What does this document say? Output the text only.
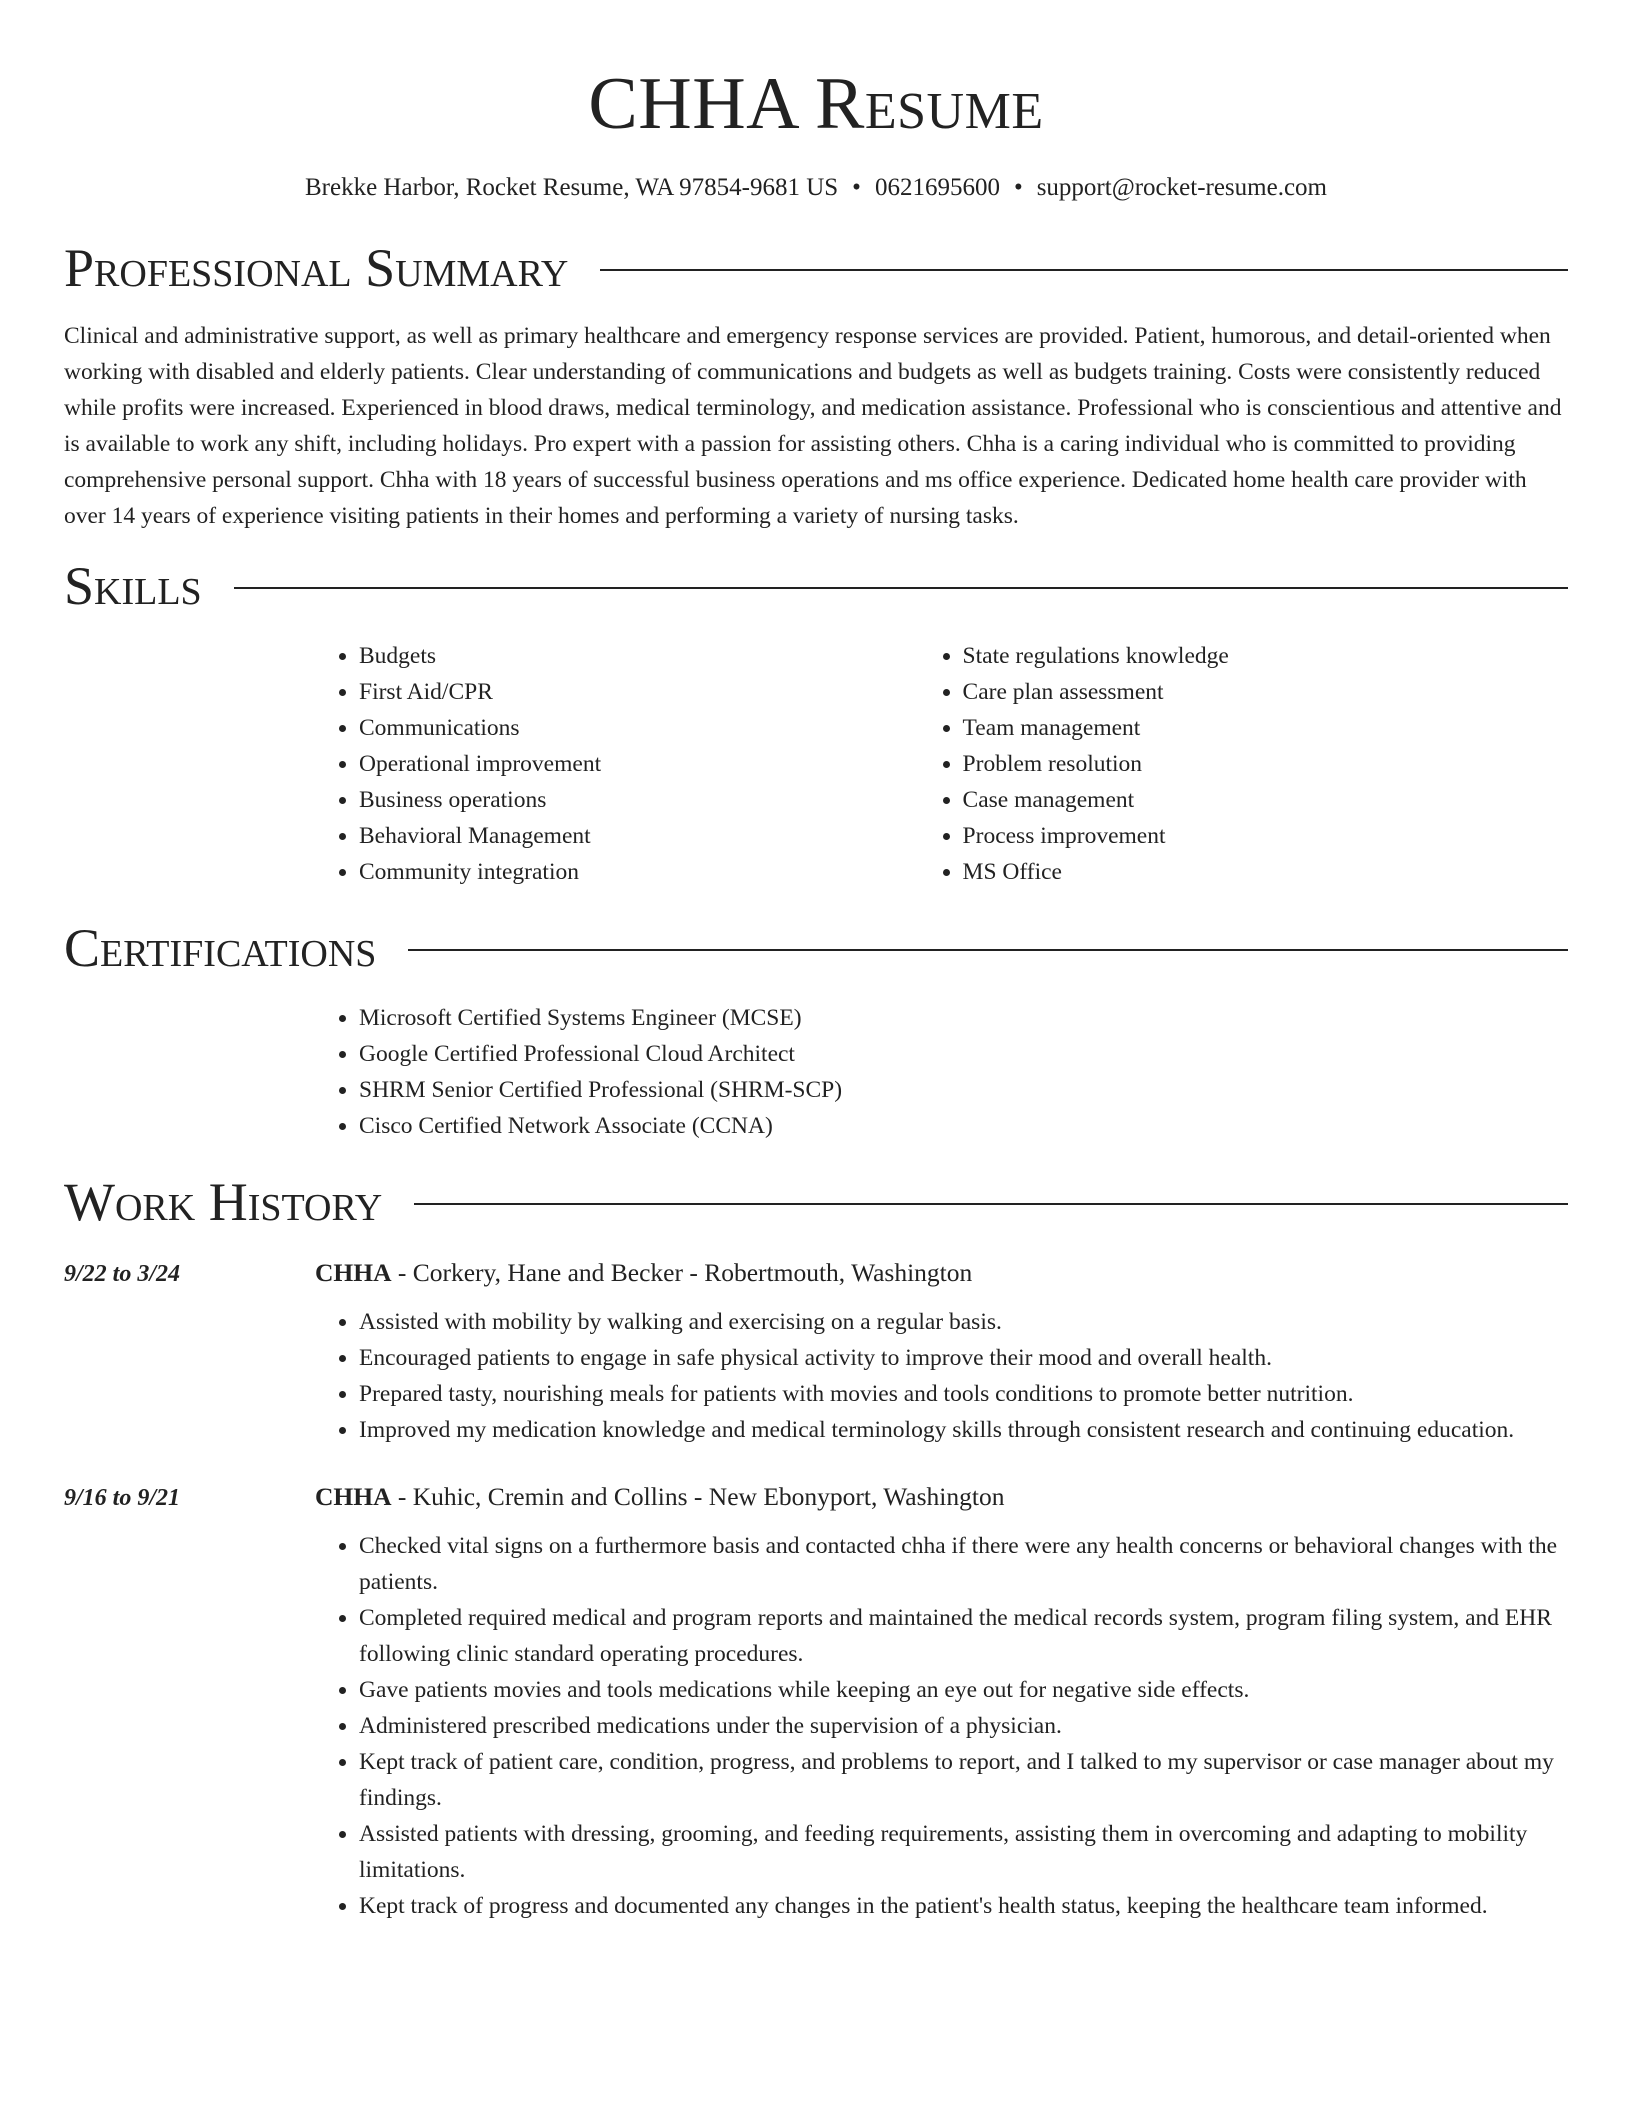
CHHA Resume
Brekke Harbor, Rocket Resume, WA 97854-9681 US • 0621695600 • support@rocket-resume.com
Professional Summary

Clinical and administrative support, as well as primary healthcare and emergency response services are provided. Patient, humorous, and detail-oriented when working with disabled and elderly patients. Clear understanding of communications and budgets as well as budgets training. Costs were consistently reduced while profits were increased. Experienced in blood draws, medical terminology, and medication assistance. Professional who is conscientious and attentive and is available to work any shift, including holidays. Pro expert with a passion for assisting others. Chha is a caring individual who is committed to providing comprehensive personal support. Chha with 18 years of successful business operations and ms office experience. Dedicated home health care provider with over 14 years of experience visiting patients in their homes and performing a variety of nursing tasks.

Skills
• Budgets
• First Aid/CPR
• Communications
• Operational improvement
• Business operations
• Behavioral Management
• Community integration
• State regulations knowledge
• Care plan assessment
• Team management
• Problem resolution
• Case management
• Process improvement
• MS Office
Certifications
• Microsoft Certified Systems Engineer (MCSE)
• Google Certified Professional Cloud Architect
• SHRM Senior Certified Professional (SHRM-SCP)
• Cisco Certified Network Associate (CCNA)
Work History
9/22 to 3/24	CHHA - Corkery, Hane and Becker - Robertmouth, Washington
• Assisted with mobility by walking and exercising on a regular basis.
• Encouraged patients to engage in safe physical activity to improve their mood and overall health.
• Prepared tasty, nourishing meals for patients with movies and tools conditions to promote better nutrition.
• Improved my medication knowledge and medical terminology skills through consistent research and continuing education.
9/16 to 9/21	CHHA - Kuhic, Cremin and Collins - New Ebonyport, Washington
• Checked vital signs on a furthermore basis and contacted chha if there were any health concerns or behavioral changes with the patients.
• Completed required medical and program reports and maintained the medical records system, program filing system, and EHR following clinic standard operating procedures.
• Gave patients movies and tools medications while keeping an eye out for negative side effects.
• Administered prescribed medications under the supervision of a physician.
• Kept track of patient care, condition, progress, and problems to report, and I talked to my supervisor or case manager about my findings.
• Assisted patients with dressing, grooming, and feeding requirements, assisting them in overcoming and adapting to mobility limitations.
• Kept track of progress and documented any changes in the patient's health status, keeping the healthcare team informed.
